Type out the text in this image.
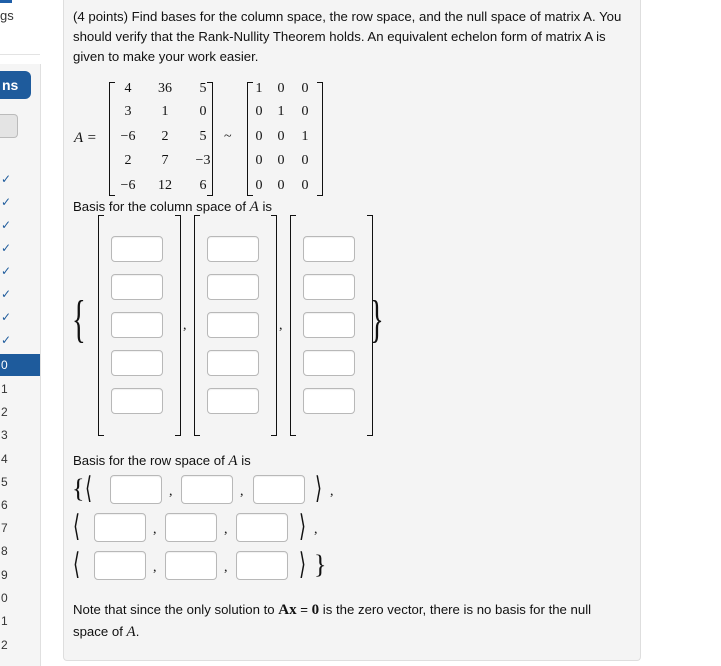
gs
ns
✓
✓
✓
✓
✓
✓
✓
✓
0
1
2
3
4
5
6
7
8
9
0
1
2
(4 points) Find bases for the column space, the row space, and the null space of matrix A. You should verify that the Rank-Nullity Theorem holds. An equivalent echelon form of matrix A is given to make your work easier.
A =
4	36	5
3	1	0
−6	2	5
2	7	−3
−6	12	6
~
1	0	0
0	1	0
0	0	1
0	0	0
0	0	0
Basis for the column space of A is
{	}
,	,
Basis for the row space of A is
{ ⟨	,	, ⟩ ,
⟨	,	, ⟩ ,
⟨	,	, ⟩ }
Note that since the only solution to Ax = 0 is the zero vector, there is no basis for the null space of A.
